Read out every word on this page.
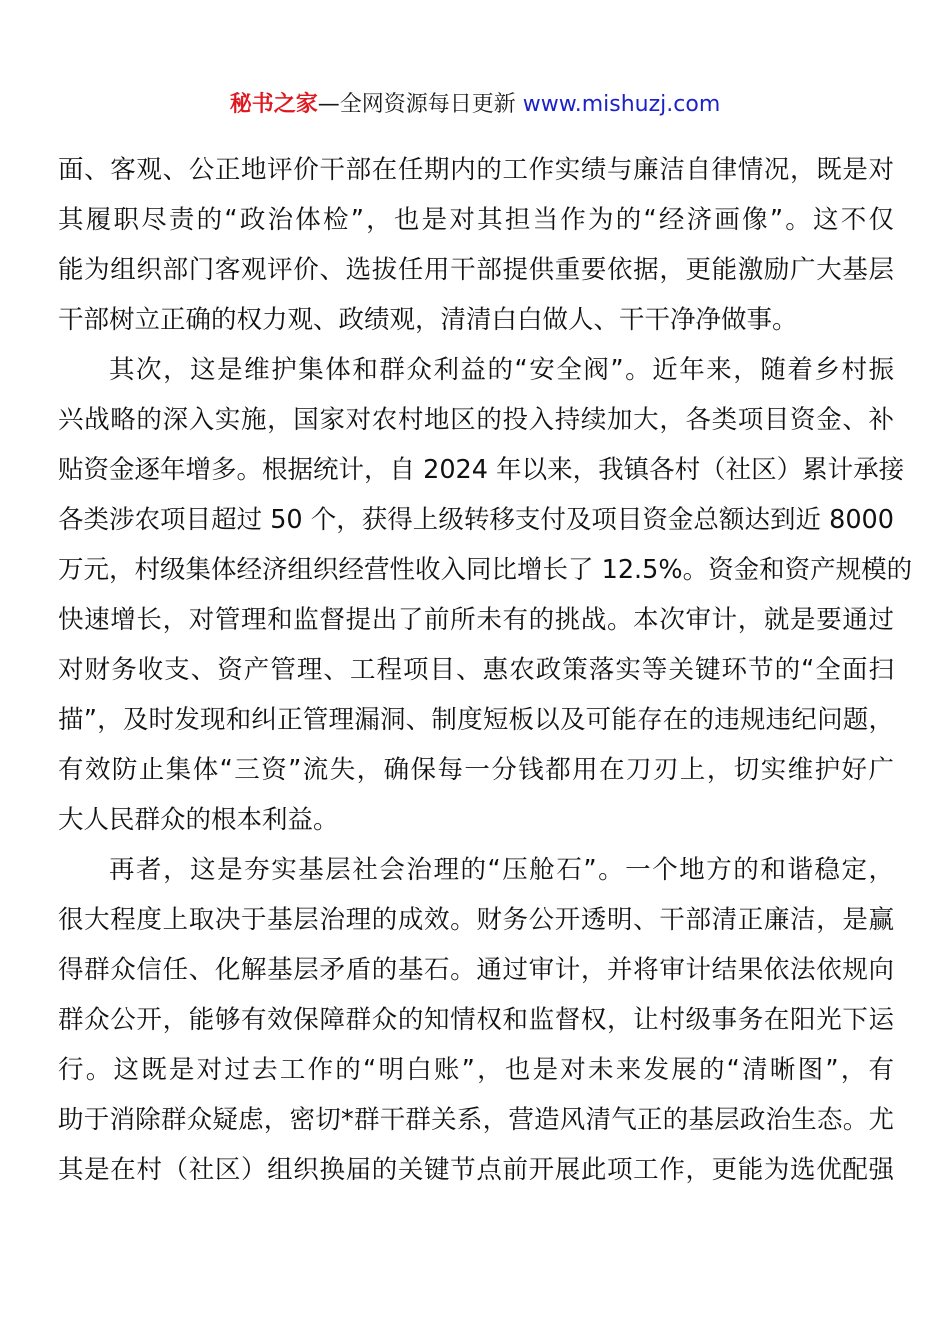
秘书之家—全网资源每日更新 www.mishuzj.com
面、客观、公正地评价干部在任期内的工作实绩与廉洁自律情况，既是对
其履职尽责的“政治体检”，也是对其担当作为的“经济画像”。这不仅
能为组织部门客观评价、选拔任用干部提供重要依据，更能激励广大基层
干部树立正确的权力观、政绩观，清清白白做人、干干净净做事。
其次，这是维护集体和群众利益的“安全阀”。近年来，随着乡村振
兴战略的深入实施，国家对农村地区的投入持续加大，各类项目资金、补
贴资金逐年增多。根据统计，自 2024 年以来，我镇各村（社区）累计承接
各类涉农项目超过 50 个，获得上级转移支付及项目资金总额达到近 8000
万元，村级集体经济组织经营性收入同比增长了 12.5%。资金和资产规模的
快速增长，对管理和监督提出了前所未有的挑战。本次审计，就是要通过
对财务收支、资产管理、工程项目、惠农政策落实等关键环节的“全面扫
描”，及时发现和纠正管理漏洞、制度短板以及可能存在的违规违纪问题，
有效防止集体“三资”流失，确保每一分钱都用在刀刃上，切实维护好广
大人民群众的根本利益。
再者，这是夯实基层社会治理的“压舱石”。一个地方的和谐稳定，
很大程度上取决于基层治理的成效。财务公开透明、干部清正廉洁，是赢
得群众信任、化解基层矛盾的基石。通过审计，并将审计结果依法依规向
群众公开，能够有效保障群众的知情权和监督权，让村级事务在阳光下运
行。这既是对过去工作的“明白账”，也是对未来发展的“清晰图”，有
助于消除群众疑虑，密切*群干群关系，营造风清气正的基层政治生态。尤
其是在村（社区）组织换届的关键节点前开展此项工作，更能为选优配强
